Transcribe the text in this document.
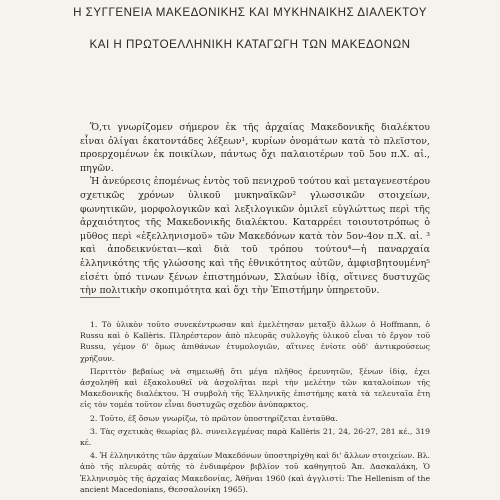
Η ΣΥΓΓΕΝΕΙΑ ΜΑΚΕΔΟΝΙΚΗΣ ΚΑΙ ΜΥΚΗΝΑΙΚΗΣ ΔΙΑΛΕΚΤΟΥ
ΚΑΙ Η ΠΡΩΤΟΕΛΛΗΝΙΚΗ ΚΑΤΑΓΩΓΗ ΤΩΝ ΜΑΚΕΔΟΝΩΝ

Ὅ,τι γνωρίζομεν σήμερον ἐκ τῆς ἀρχαίας Μακεδονικῆς διαλέκτου εἶναι ὀλίγαι ἑκατοντάδες λέξεων¹, κυρίων ὀνομάτων κατὰ τὸ πλεῖστον, προερχομένων ἐκ ποικίλων, πάντως ὄχι παλαιοτέρων τοῦ 5ου π.Χ. αἰ., πηγῶν.

Ἡ ἀνεύρεσις ἑπομένως ἐντὸς τοῦ πενιχροῦ τούτου καὶ μεταγενεστέρου σχετικῶς χρόνων ὑλικοῦ μυκηναϊκῶν² γλωσσικῶν στοιχείων, φωνητικῶν, μορφολογικῶν καὶ λεξιλογικῶν ὁμιλεῖ εὐγλώττως περὶ τῆς ἀρχαιότητος τῆς Μακεδονικῆς διαλέκτου. Καταρρέει τοιουτοτρόπως ὁ μῦθος περὶ «ἐξελληνισμοῦ» τῶν Μακεδόνων κατὰ τὸν 5ον-4ον π.Χ. αἰ. ³ καὶ ἀποδεικνύεται—καὶ διὰ τοῦ τρόπου τούτου⁴—ἡ παναρχαία ἑλληνικότης τῆς γλώσσης καὶ τῆς ἐθνικότητος αὐτῶν, ἀμφισβητουμένη⁵ εἰσέτι ὑπό τινων ξένων ἐπιστημόνων, Σλαύων ἰδίᾳ, οἵτινες δυστυχῶς τὴν πολιτικὴν σκοπιμότητα καὶ ὄχι τὴν Ἐπιστήμην ὑπηρετοῦν.

1. Τὸ ὑλικὸν τοῦτο συνεκέντρωσαν καὶ ἐμελέτησαν μεταξὺ ἄλλων ὁ Hoffmann, ὁ Russu καὶ ὁ Kallèris. Πληρέστερον ἀπὸ πλευρᾶς συλλογῆς ὑλικοῦ εἶναι τὸ ἔργον τοῦ Russu, γέμον δ' ὅμως ἀπιθάνων ἐτυμολογιῶν, αἵτινες ἐνίοτε οὐδ' ἀντικρούσεως χρήζουν.

Περιττὸν βεβαίως νὰ σημειωθῇ ὅτι μέγα πλῆθος ἐρευνητῶν, ξένων ἰδίᾳ, ἐχει ἀσχοληθῆ καὶ ἐξακολουθεῖ νὰ ἀσχολῆται περὶ τὴν μελέτην τῶν καταλοίπων τῆς Μακεδονικῆς διαλέκτου. Ἡ συμβολὴ τῆς Ἑλληνικῆς ἐπιστήμης κατὰ τὰ τελευταῖα ἔτη εἰς τὸν τομέα τοῦτον εἶναι δυστυχῶς σχεδὸν ἀνύπαρκτος.

2. Τοῦτο, ἐξ ὅσων γνωρίζω, τὸ πρῶτον ὑποστηρίζεται ἐνταῦθα.

3. Τὰς σχετικὰς θεωρίας βλ. συνειλεγμένας παρὰ Kallèris 21, 24, 26-27, 281 κέ., 319 κέ.

4. Ἡ ἑλληνικότης τῶν ἀρχαίων Μακεδόνων ὑποστηρίχθη καὶ δι' ἄλλων στοιχείων. Βλ. ἀπὸ τῆς πλευρᾶς αὐτῆς τὸ ἐνδιαφέρον βιβλίον τοῦ καθηγητοῦ Ἀπ. Δασκαλάκη, Ὁ Ἑλληνισμὸς τῆς ἀρχαίας Μακεδονίας, Ἀθῆναι 1960 (καὶ ἀγγλιστί: The Hellenism of the ancient Macedonians, Θεσσαλονίκη 1965).
